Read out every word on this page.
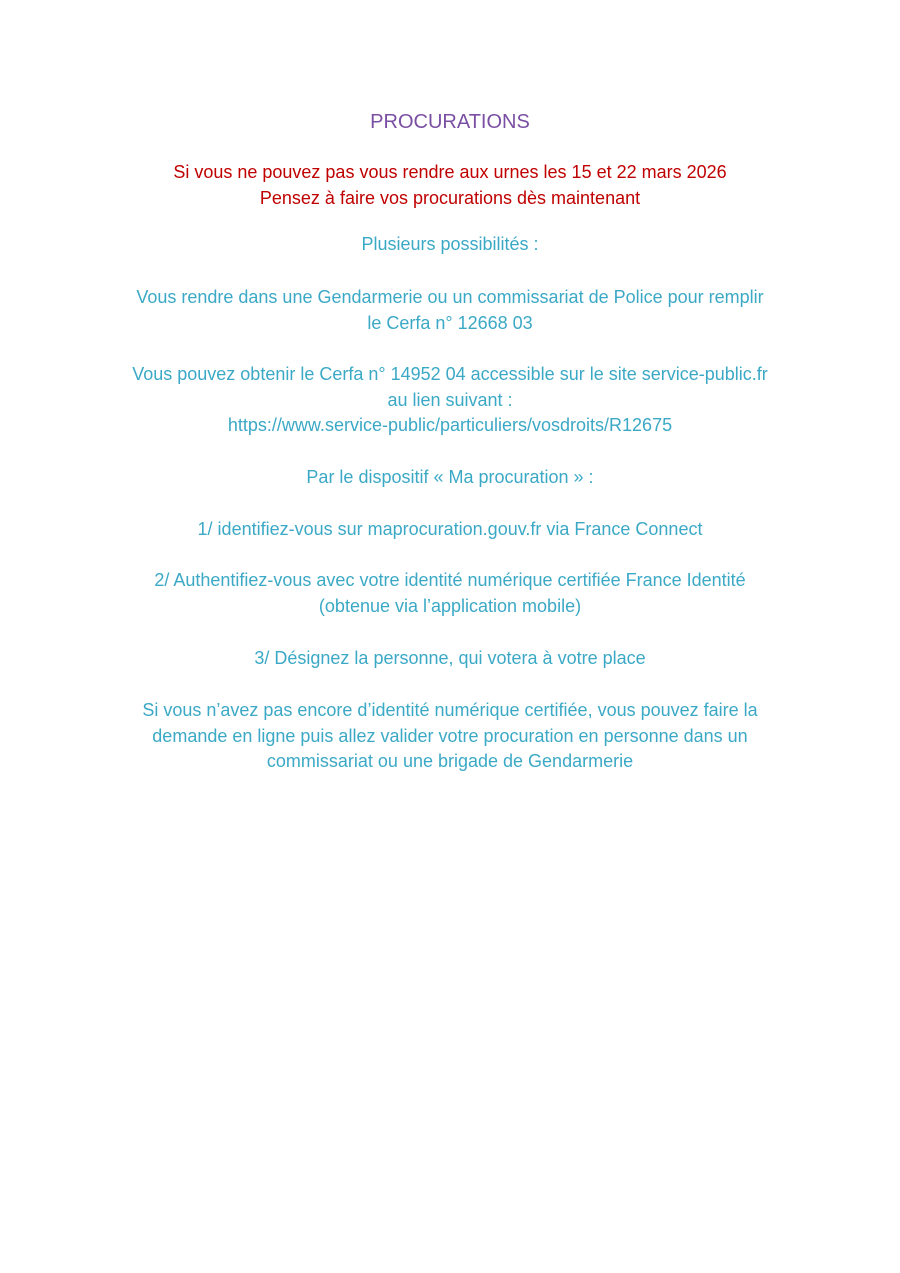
PROCURATIONS

Si vous ne pouvez pas vous rendre aux urnes les 15 et 22 mars 2026

Pensez à faire vos procurations dès maintenant

Plusieurs possibilités :

Vous rendre dans une Gendarmerie ou un commissariat de Police pour remplir

le Cerfa n° 12668 03

Vous pouvez obtenir le Cerfa n° 14952 04 accessible sur le site service-public.fr

au lien suivant :

https://www.service-public/particuliers/vosdroits/R12675

Par le dispositif « Ma procuration » :

1/ identifiez-vous sur maprocuration.gouv.fr via France Connect

2/ Authentifiez-vous avec votre identité numérique certifiée France Identité

(obtenue via l’application mobile)

3/ Désignez la personne, qui votera à votre place

Si vous n’avez pas encore d’identité numérique certifiée, vous pouvez faire la

demande en ligne puis allez valider votre procuration en personne dans un

commissariat ou une brigade de Gendarmerie
